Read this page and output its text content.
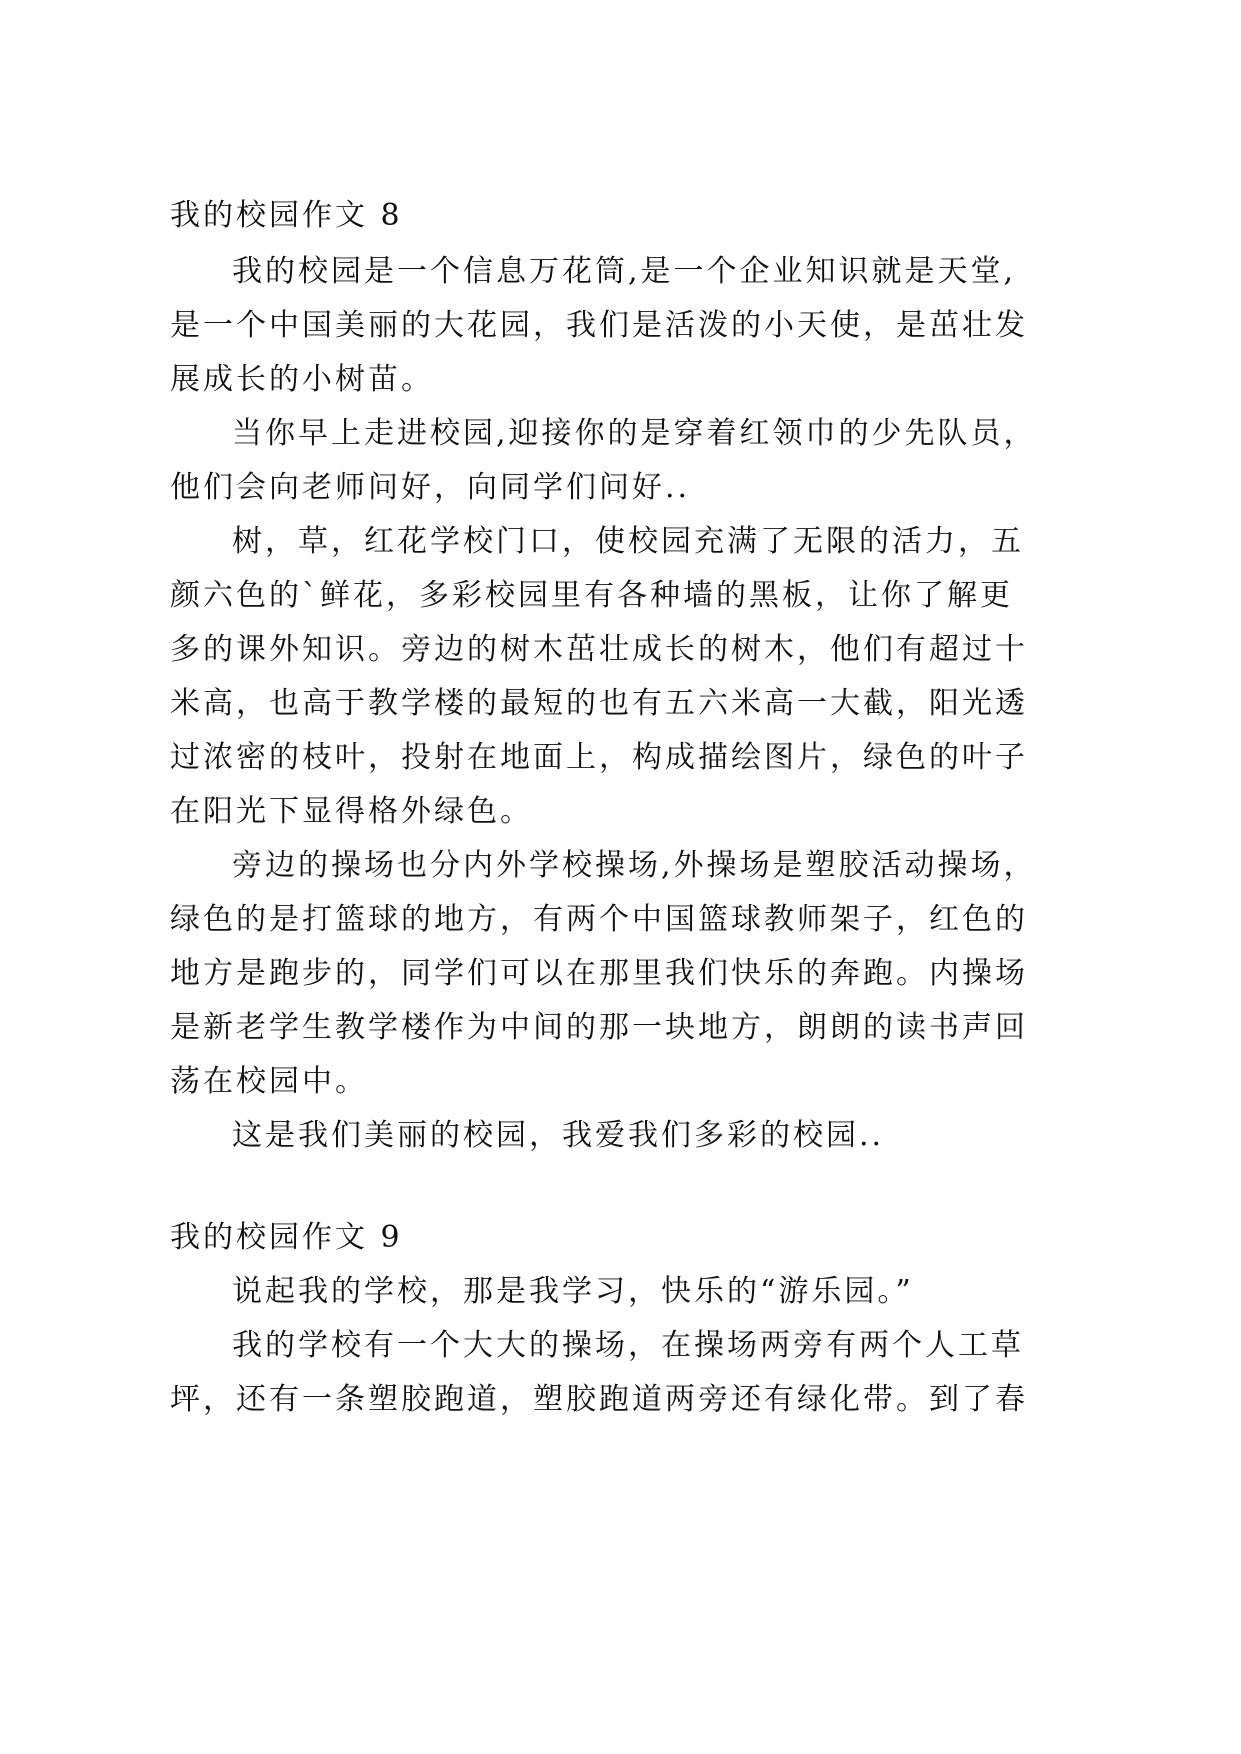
我的校园作文 8
我的校园是一个信息万花筒,是一个企业知识就是天堂,
是一个中国美丽的大花园，我们是活泼的小天使，是茁壮发
展成长的小树苗。
当你早上走进校园,迎接你的是穿着红领巾的少先队员，
他们会向老师问好，向同学们问好..
树，草，红花学校门口，使校园充满了无限的活力，五
颜六色的`鲜花，多彩校园里有各种墙的黑板，让你了解更
多的课外知识。旁边的树木茁壮成长的树木，他们有超过十
米高，也高于教学楼的最短的也有五六米高一大截，阳光透
过浓密的枝叶，投射在地面上，构成描绘图片，绿色的叶子
在阳光下显得格外绿色。
旁边的操场也分内外学校操场,外操场是塑胶活动操场，
绿色的是打篮球的地方，有两个中国篮球教师架子，红色的
地方是跑步的，同学们可以在那里我们快乐的奔跑。内操场
是新老学生教学楼作为中间的那一块地方，朗朗的读书声回
荡在校园中。
这是我们美丽的校园，我爱我们多彩的校园..
我的校园作文 9
说起我的学校，那是我学习，快乐的“游乐园。”
我的学校有一个大大的操场，在操场两旁有两个人工草
坪，还有一条塑胶跑道，塑胶跑道两旁还有绿化带。到了春
